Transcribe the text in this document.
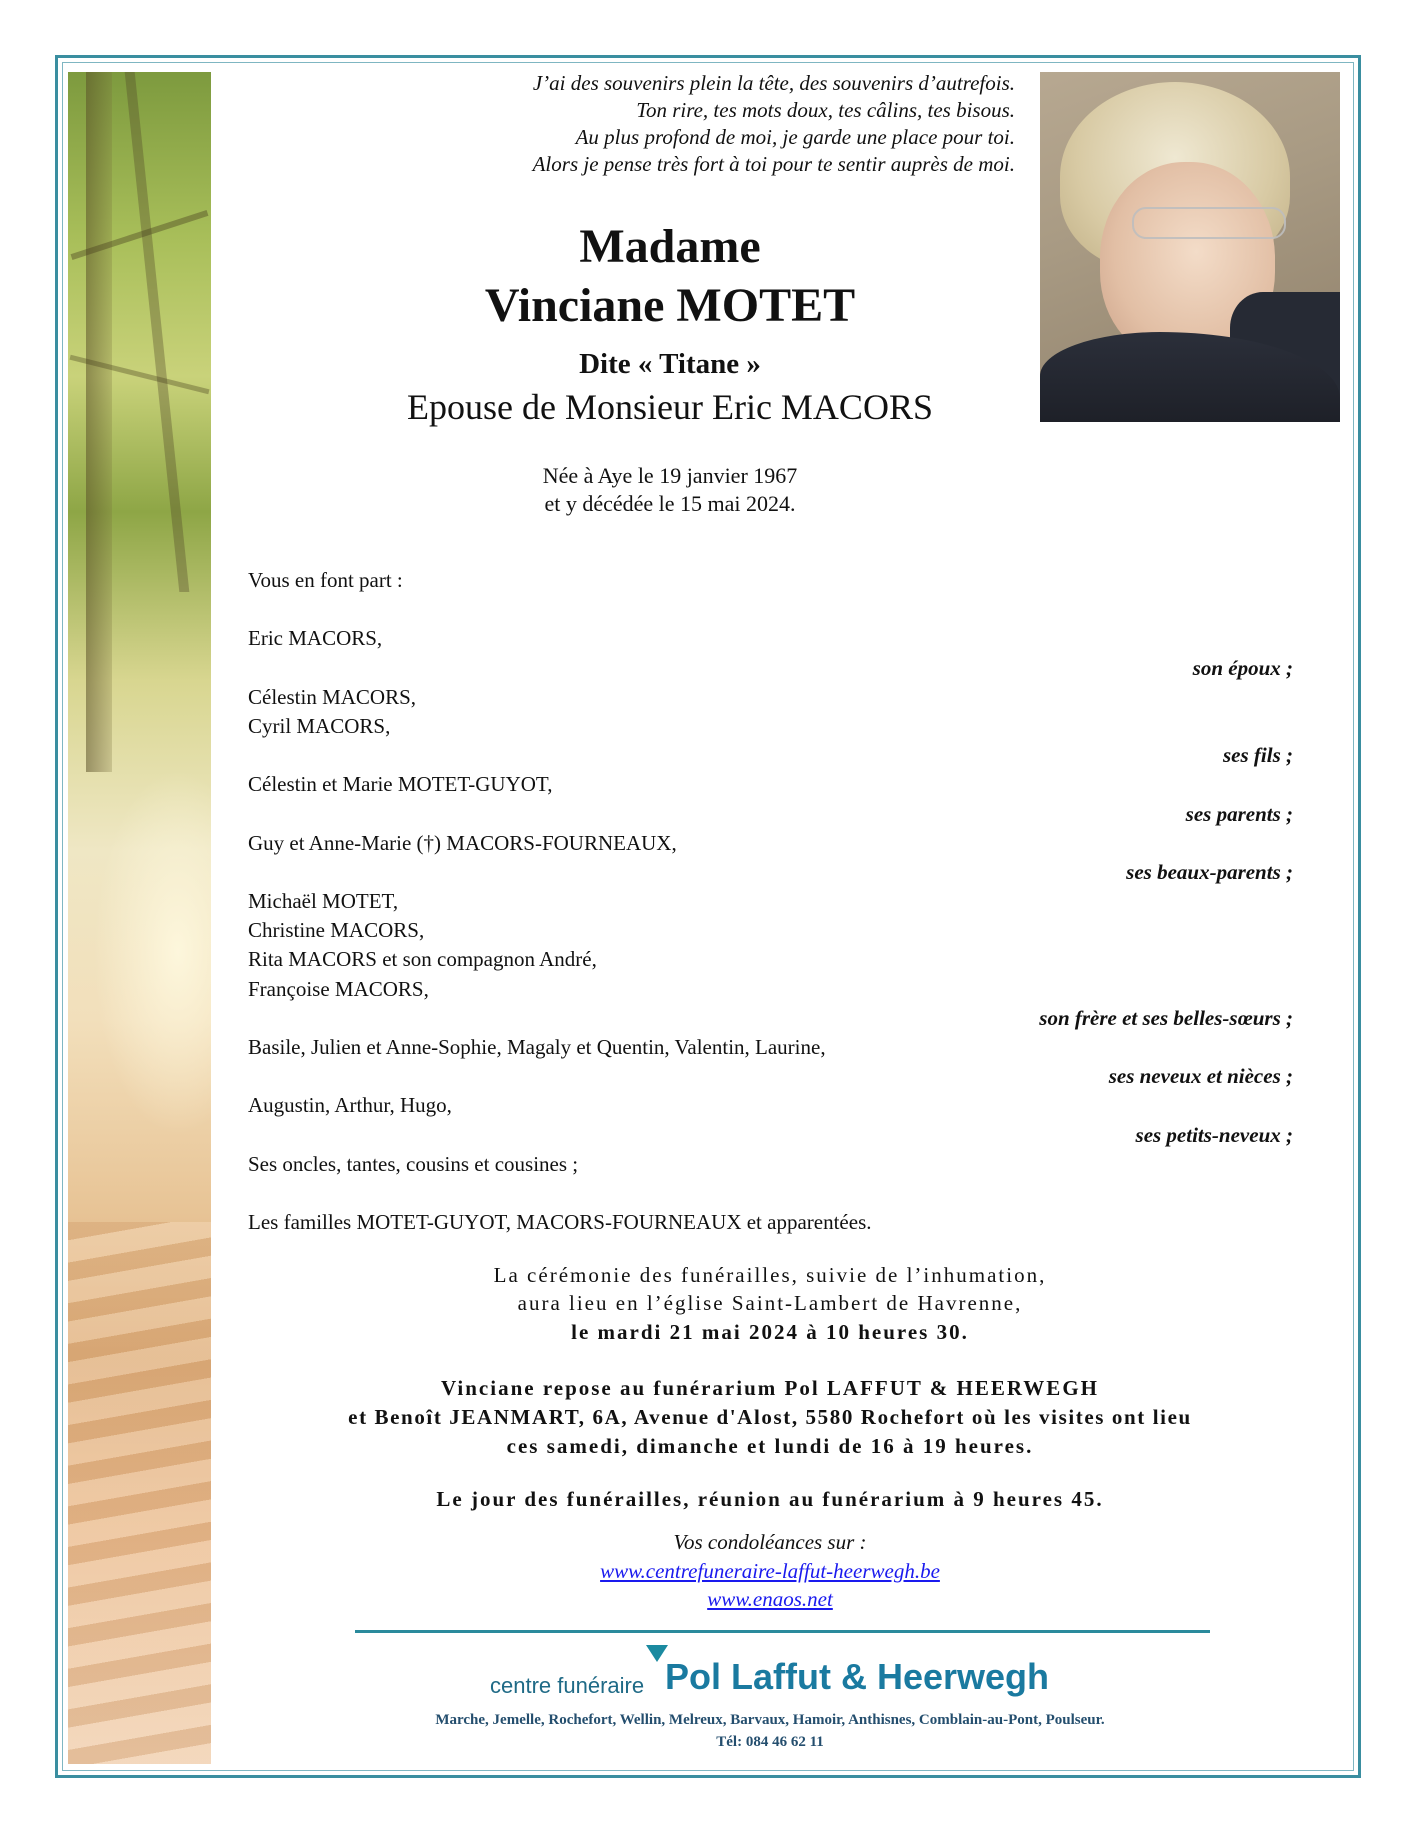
J’ai des souvenirs plein la tête, des souvenirs d’autrefois.
Ton rire, tes mots doux, tes câlins, tes bisous.
Au plus profond de moi, je garde une place pour toi.
Alors je pense très fort à toi pour te sentir auprès de moi.
Madame
Vinciane MOTET
Dite « Titane »
Epouse de Monsieur Eric MACORS
Née à Aye le 19 janvier 1967
et y décédée le 15 mai 2024.
Vous en font part :
Eric MACORS,
son époux ;
Célestin MACORS,
Cyril MACORS,
ses fils ;
Célestin et Marie MOTET-GUYOT,
ses parents ;
Guy et Anne-Marie (†) MACORS-FOURNEAUX,
ses beaux-parents ;
Michaël MOTET,
Christine MACORS,
Rita MACORS et son compagnon André,
Françoise MACORS,
son frère et ses belles-sœurs ;
Basile, Julien et Anne-Sophie, Magaly et Quentin, Valentin, Laurine,
ses neveux et nièces ;
Augustin, Arthur, Hugo,
ses petits-neveux ;
Ses oncles, tantes, cousins et cousines ;
Les familles MOTET-GUYOT, MACORS-FOURNEAUX et apparentées.
La cérémonie des funérailles, suivie de l’inhumation,
aura lieu en l’église Saint-Lambert de Havrenne,
le mardi 21 mai 2024 à 10 heures 30.
Vinciane repose au funérarium Pol LAFFUT & HEERWEGH
et Benoît JEANMART, 6A, Avenue d'Alost, 5580 Rochefort où les visites ont lieu
ces samedi, dimanche et lundi de 16 à 19 heures.
Le jour des funérailles, réunion au funérarium à 9 heures 45.
Vos condoléances sur :
www.centrefuneraire-laffut-heerwegh.be
www.enaos.net
centre funéraire Pol Laffut & Heerwegh
Marche, Jemelle, Rochefort, Wellin, Melreux, Barvaux, Hamoir, Anthisnes, Comblain-au-Pont, Poulseur.
Tél: 084 46 62 11
